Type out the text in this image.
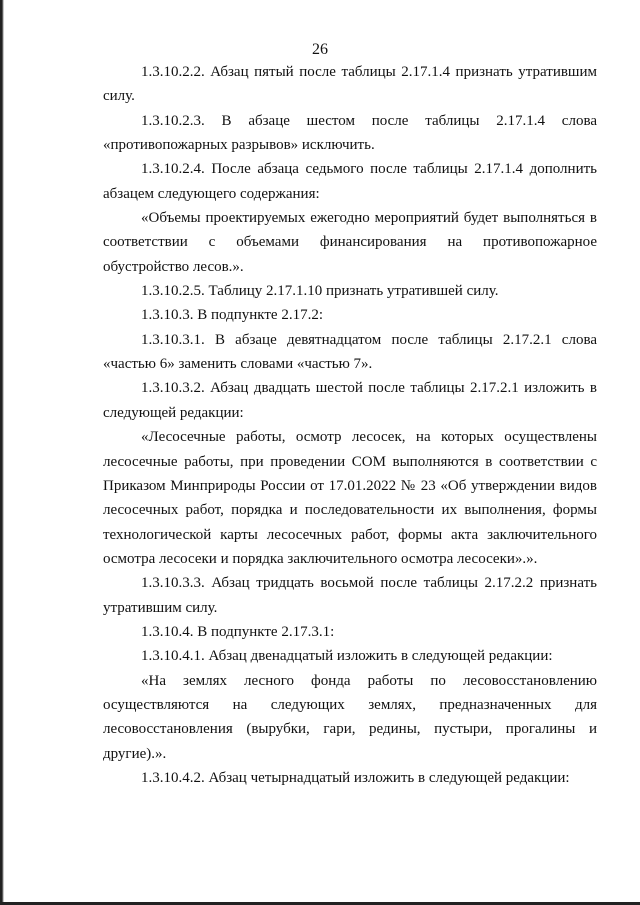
26

1.3.10.2.2. Абзац пятый после таблицы 2.17.1.4 признать утратившим силу.

1.3.10.2.3. В абзаце шестом после таблицы 2.17.1.4 слова «противопожарных разрывов» исключить.

1.3.10.2.4. После абзаца седьмого после таблицы 2.17.1.4 дополнить абзацем следующего содержания:

«Объемы проектируемых ежегодно мероприятий будет выполняться в соответствии с объемами финансирования на противопожарное обустройство лесов.».

1.3.10.2.5. Таблицу 2.17.1.10 признать утратившей силу.

1.3.10.3. В подпункте 2.17.2:

1.3.10.3.1. В абзаце девятнадцатом после таблицы 2.17.2.1 слова «частью 6» заменить словами «частью 7».

1.3.10.3.2. Абзац двадцать шестой после таблицы 2.17.2.1 изложить в следующей редакции:

«Лесосечные работы, осмотр лесосек, на которых осуществлены лесосечные работы, при проведении СОМ выполняются в соответствии с Приказом Минприроды России от 17.01.2022 № 23 «Об утверждении видов лесосечных работ, порядка и последовательности их выполнения, формы технологической карты лесосечных работ, формы акта заключительного осмотра лесосеки и порядка заключительного осмотра лесосеки».».

1.3.10.3.3. Абзац тридцать восьмой после таблицы 2.17.2.2 признать утратившим силу.

1.3.10.4. В подпункте 2.17.3.1:

1.3.10.4.1. Абзац двенадцатый изложить в следующей редакции:

«На землях лесного фонда работы по лесовосстановлению осуществляются на следующих землях, предназначенных для лесовосстановления (вырубки, гари, редины, пустыри, прогалины и другие).».

1.3.10.4.2. Абзац четырнадцатый изложить в следующей редакции:
